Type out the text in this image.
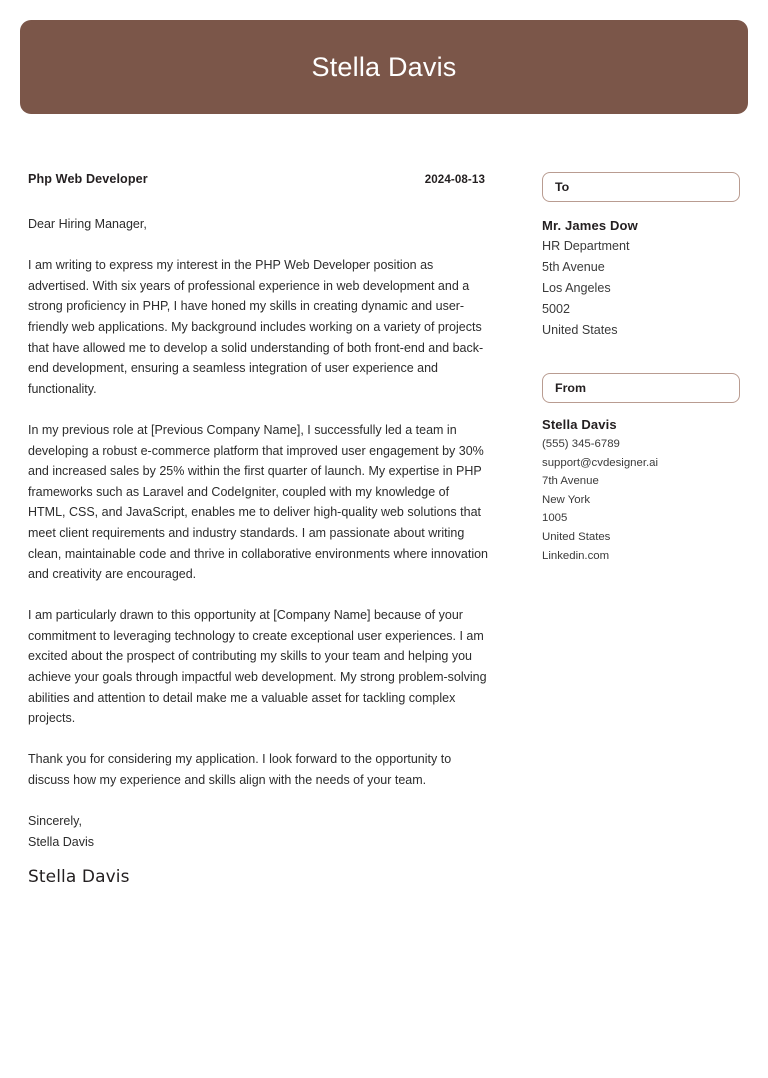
Stella Davis
Php Web Developer	2024-08-13

Dear Hiring Manager,

I am writing to express my interest in the PHP Web Developer position as advertised. With six years of professional experience in web development and a strong proficiency in PHP, I have honed my skills in creating dynamic and user-friendly web applications. My background includes working on a variety of projects that have allowed me to develop a solid understanding of both front-end and back-end development, ensuring a seamless integration of user experience and functionality.

In my previous role at [Previous Company Name], I successfully led a team in developing a robust e-commerce platform that improved user engagement by 30% and increased sales by 25% within the first quarter of launch. My expertise in PHP frameworks such as Laravel and CodeIgniter, coupled with my knowledge of HTML, CSS, and JavaScript, enables me to deliver high-quality web solutions that meet client requirements and industry standards. I am passionate about writing clean, maintainable code and thrive in collaborative environments where innovation and creativity are encouraged.

I am particularly drawn to this opportunity at [Company Name] because of your commitment to leveraging technology to create exceptional user experiences. I am excited about the prospect of contributing my skills to your team and helping you achieve your goals through impactful web development. My strong problem-solving abilities and attention to detail make me a valuable asset for tackling complex projects.

Thank you for considering my application. I look forward to the opportunity to discuss how my experience and skills align with the needs of your team.

Sincerely,
Stella Davis
Stella Davis
To
Mr. James Dow
HR Department
5th Avenue
Los Angeles
5002
United States
From
Stella Davis
(555) 345-6789
support@cvdesigner.ai
7th Avenue
New York
1005
United States
Linkedin.com
